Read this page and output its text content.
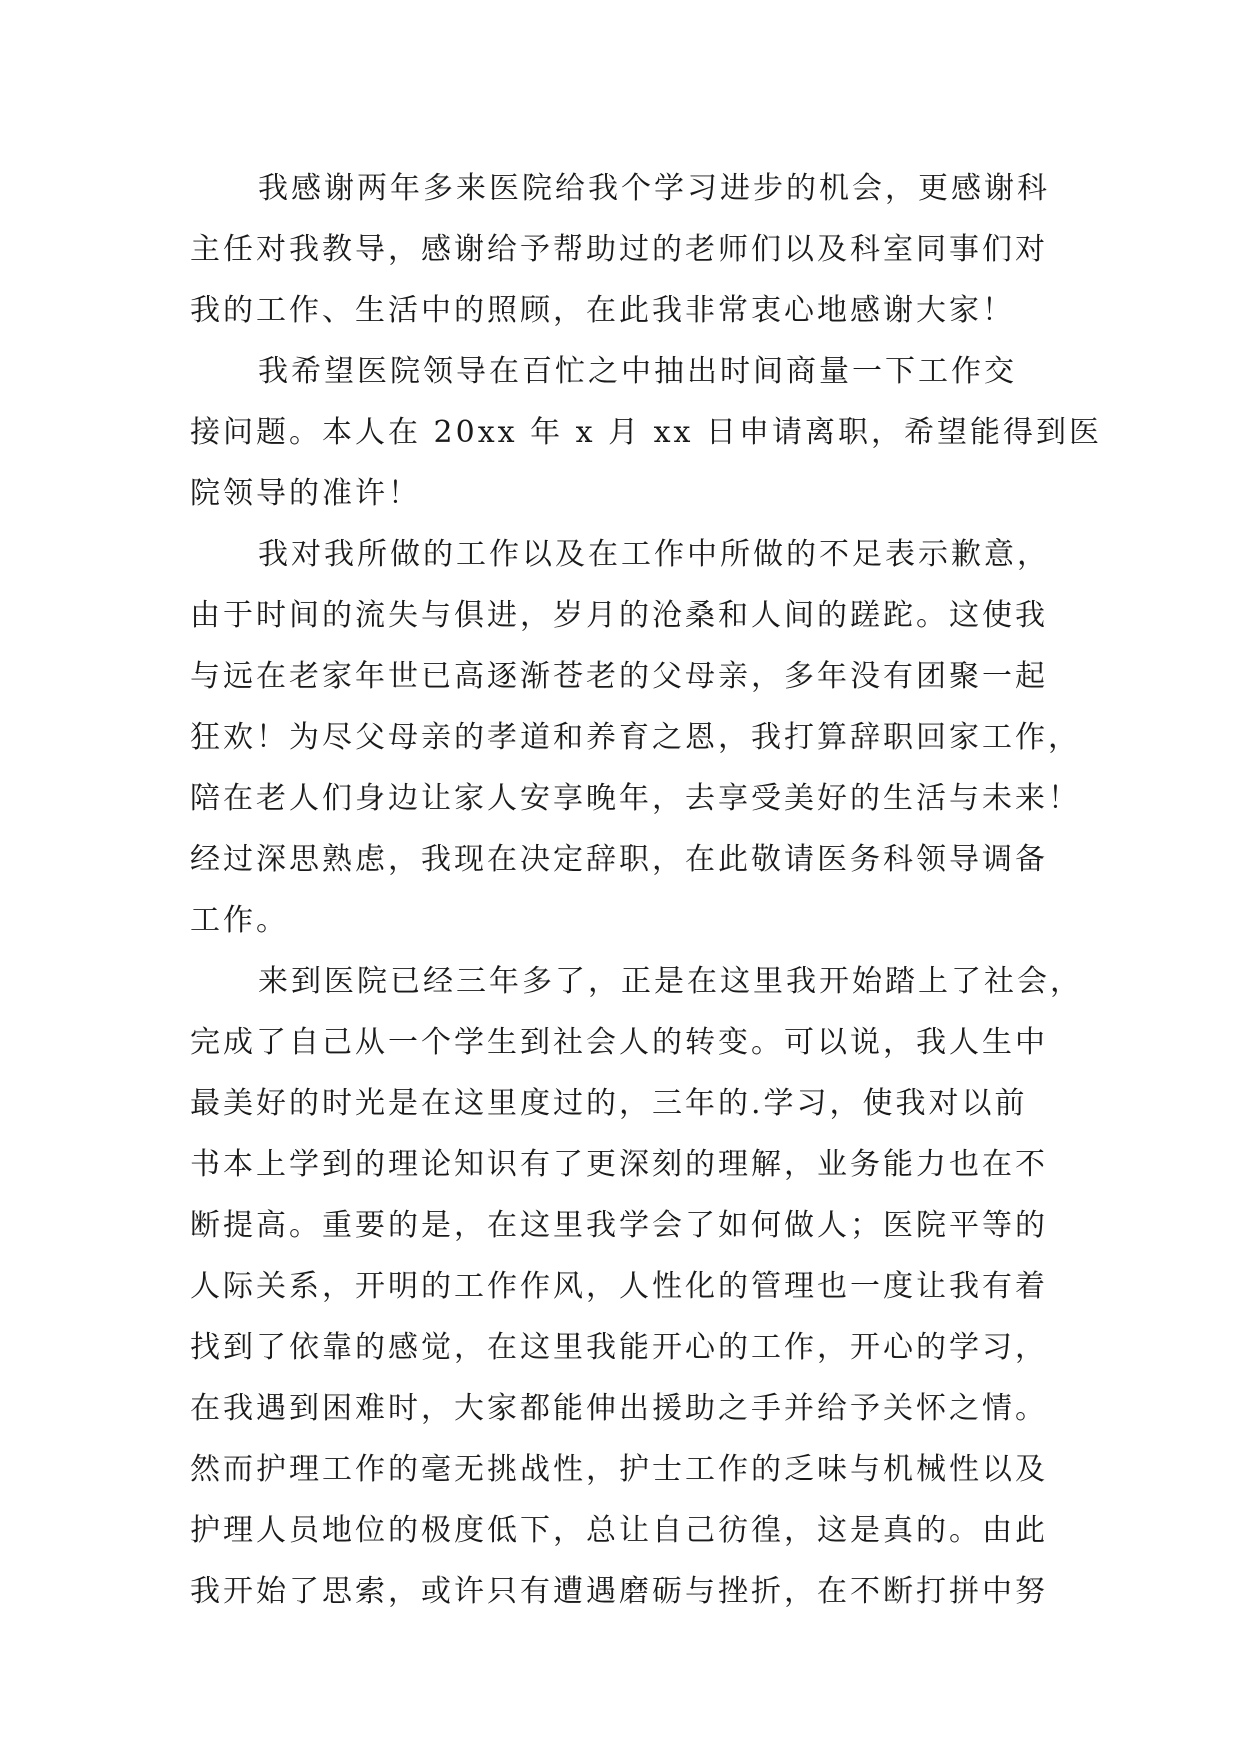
我感谢两年多来医院给我个学习进步的机会，更感谢科
主任对我教导，感谢给予帮助过的老师们以及科室同事们对
我的工作、生活中的照顾，在此我非常衷心地感谢大家！
我希望医院领导在百忙之中抽出时间商量一下工作交
接问题。本人在 20xx 年 x 月 xx 日申请离职，希望能得到医
院领导的准许！
我对我所做的工作以及在工作中所做的不足表示歉意，
由于时间的流失与俱进，岁月的沧桑和人间的蹉跎。这使我
与远在老家年世已高逐渐苍老的父母亲，多年没有团聚一起
狂欢！为尽父母亲的孝道和养育之恩，我打算辞职回家工作，
陪在老人们身边让家人安享晚年，去享受美好的生活与未来！
经过深思熟虑，我现在决定辞职，在此敬请医务科领导调备
工作。
来到医院已经三年多了，正是在这里我开始踏上了社会，
完成了自己从一个学生到社会人的转变。可以说，我人生中
最美好的时光是在这里度过的，三年的.学习，使我对以前
书本上学到的理论知识有了更深刻的理解，业务能力也在不
断提高。重要的是，在这里我学会了如何做人；医院平等的
人际关系，开明的工作作风，人性化的管理也一度让我有着
找到了依靠的感觉，在这里我能开心的工作，开心的学习，
在我遇到困难时，大家都能伸出援助之手并给予关怀之情。
然而护理工作的毫无挑战性，护士工作的乏味与机械性以及
护理人员地位的极度低下，总让自己彷徨，这是真的。由此
我开始了思索，或许只有遭遇磨砺与挫折，在不断打拼中努
